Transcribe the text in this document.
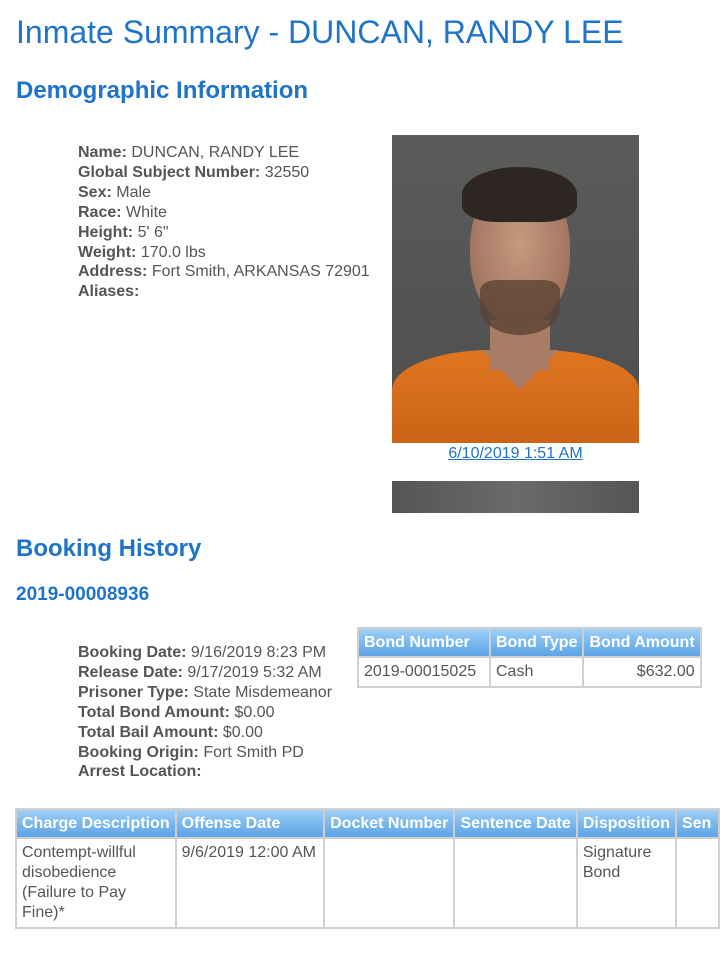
Inmate Summary - DUNCAN, RANDY LEE
Demographic Information
Name: DUNCAN, RANDY LEE
Global Subject Number: 32550
Sex: Male
Race: White
Height: 5' 6"
Weight: 170.0 lbs
Address: Fort Smith, ARKANSAS 72901
Aliases:
6/10/2019 1:51 AM
Booking History
2019-00008936
Booking Date: 9/16/2019 8:23 PM
Release Date: 9/17/2019 5:32 AM
Prisoner Type: State Misdemeanor
Total Bond Amount: $0.00
Total Bail Amount: $0.00
Booking Origin: Fort Smith PD
Arrest Location:
Bond Number	Bond Type	Bond Amount
2019-00015025	Cash	$632.00
Charge Description	Offense Date	Docket Number	Sentence Date	Disposition	Sen
Contempt-willful disobedience (Failure to Pay Fine)*	9/6/2019 12:00 AM			Signature Bond	
